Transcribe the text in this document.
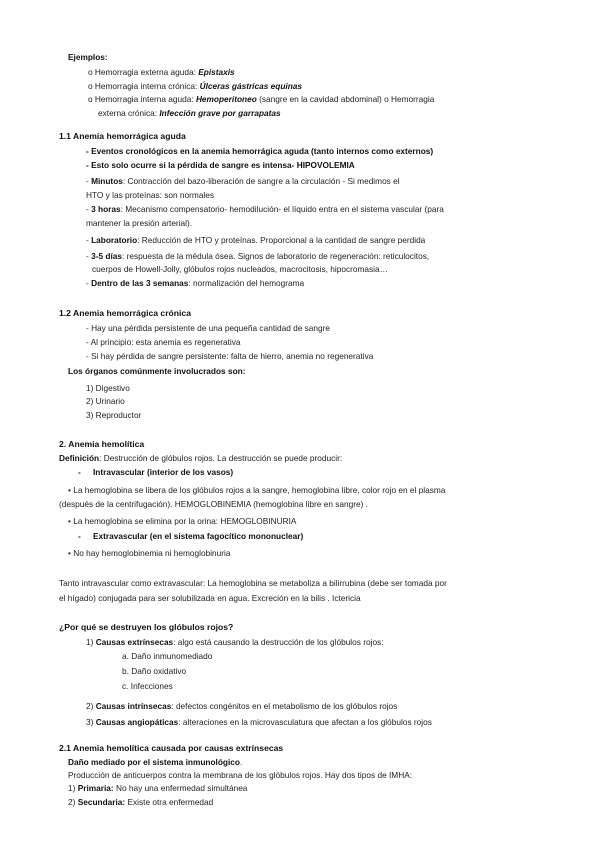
Ejemplos:
o Hemorragia externa aguda: Epistaxis
o Hemorragia interna crónica: Úlceras gástricas equinas
o Hemorragia interna aguda: Hemoperitoneo (sangre en la cavidad abdominal) o Hemorragia
externa crónica: Infección grave por garrapatas
1.1 Anemia hemorrágica aguda
- Eventos cronológicos en la anemia hemorrágica aguda (tanto internos como externos)
- Esto solo ocurre si la pérdida de sangre es intensa- HIPOVOLEMIA
- Minutos: Contracción del bazo-liberación de sangre a la circulación - Si medimos el
HTO y las proteínas: son normales
- 3 horas: Mecanismo compensatorio- hemodilución- el líquido entra en el sistema vascular (para
mantener la presión arterial).
- Laboratorio: Reducción de HTO y proteínas. Proporcional a la cantidad de sangre perdida
- 3-5 días: respuesta de la médula ósea. Signos de laboratorio de regeneración: reticulocitos,
cuerpos de Howell-Jolly, glóbulos rojos nucleados, macrocitosis, hipocromasia…
- Dentro de las 3 semanas: normalización del hemograma
1.2 Anemia hemorrágica crónica
- Hay una pérdida persistente de una pequeña cantidad de sangre
- Al principio: esta anemia es regenerativa
- Si hay pérdida de sangre persistente: falta de hierro, anemia no regenerativa
Los órganos comúnmente involucrados son:
1) Digestivo
2) Urinario
3) Reproductor
2. Anemia hemolítica
Definición: Destrucción de glóbulos rojos. La destrucción se puede producir:
- Intravascular (interior de los vasos)
• La hemoglobina se libera de los glóbulos rojos a la sangre, hemoglobina libre, color rojo en el plasma
(después de la centrifugación). HEMOGLOBINEMIA (hemoglobina libre en sangre) .
• La hemoglobina se elimina por la orina: HEMOGLOBINURIA
- Extravascular (en el sistema fagocítico mononuclear)
• No hay hemoglobinemia ni hemoglobinuria
Tanto intravascular como extravascular: La hemoglobina se metaboliza a bilirrubina (debe ser tomada por
el hígado) conjugada para ser solubilizada en agua. Excreción en la bilis . Ictericia
¿Por qué se destruyen los glóbulos rojos?
1) Causas extrínsecas: algo está causando la destrucción de los glóbulos rojos:
a. Daño inmunomediado
b. Daño oxidativo
c. Infecciones
2) Causas intrínsecas: defectos congénitos en el metabolismo de los glóbulos rojos
3) Causas angiopáticas: alteraciones en la microvasculatura que afectan a los glóbulos rojos
2.1 Anemia hemolítica causada por causas extrínsecas
Daño mediado por el sistema inmunológico.
Producción de anticuerpos contra la membrana de los glóbulos rojos. Hay dos tipos de IMHA:
1) Primaria: No hay una enfermedad simultánea
2) Secundaria: Existe otra enfermedad
